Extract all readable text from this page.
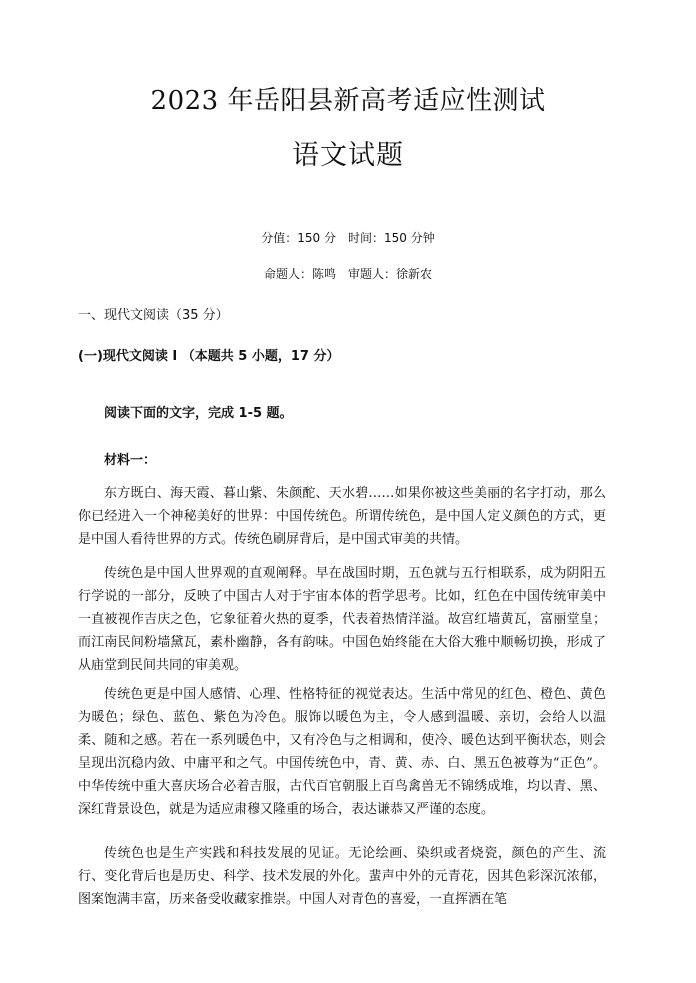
2023 年岳阳县新高考适应性测试
语文试题
分值：150 分　时间：150 分钟
命题人：陈鸣　审题人：徐新农
一、现代文阅读（35 分）
(一)现代文阅读 I （本题共 5 小题，17 分）
阅读下面的文字，完成 1-5 题。
材料一：
东方既白、海天霞、暮山紫、朱颜酡、天水碧……如果你被这些美丽的名字打动，那么你已经进入一个神秘美好的世界：中国传统色。所谓传统色，是中国人定义颜色的方式，更是中国人看待世界的方式。传统色刷屏背后，是中国式审美的共情。
传统色是中国人世界观的直观阐释。早在战国时期，五色就与五行相联系，成为阴阳五行学说的一部分，反映了中国古人对于宇宙本体的哲学思考。比如，红色在中国传统审美中一直被视作吉庆之色，它象征着火热的夏季，代表着热情洋溢。故宫红墙黄瓦，富丽堂皇；而江南民间粉墙黛瓦，素朴幽静，各有韵味。中国色始终能在大俗大雅中顺畅切换，形成了从庙堂到民间共同的审美观。
传统色更是中国人感情、心理、性格特征的视觉表达。生活中常见的红色、橙色、黄色为暖色；绿色、蓝色、紫色为冷色。服饰以暖色为主，令人感到温暖、亲切，会给人以温柔、随和之感。若在一系列暖色中，又有冷色与之相调和，使冷、暖色达到平衡状态，则会呈现出沉稳内敛、中庸平和之气。中国传统色中，青、黄、赤、白、黑五色被尊为“正色”。中华传统中重大喜庆场合必着吉服，古代百官朝服上百鸟禽兽无不锦绣成堆，均以青、黑、深红背景设色，就是为适应肃穆又隆重的场合，表达谦恭又严谨的态度。
传统色也是生产实践和科技发展的见证。无论绘画、染织或者烧瓷，颜色的产生、流行、变化背后也是历史、科学、技术发展的外化。蜚声中外的元青花，因其色彩深沉浓郁，图案饱满丰富，历来备受收藏家推崇。中国人对青色的喜爱，一直挥洒在笔
